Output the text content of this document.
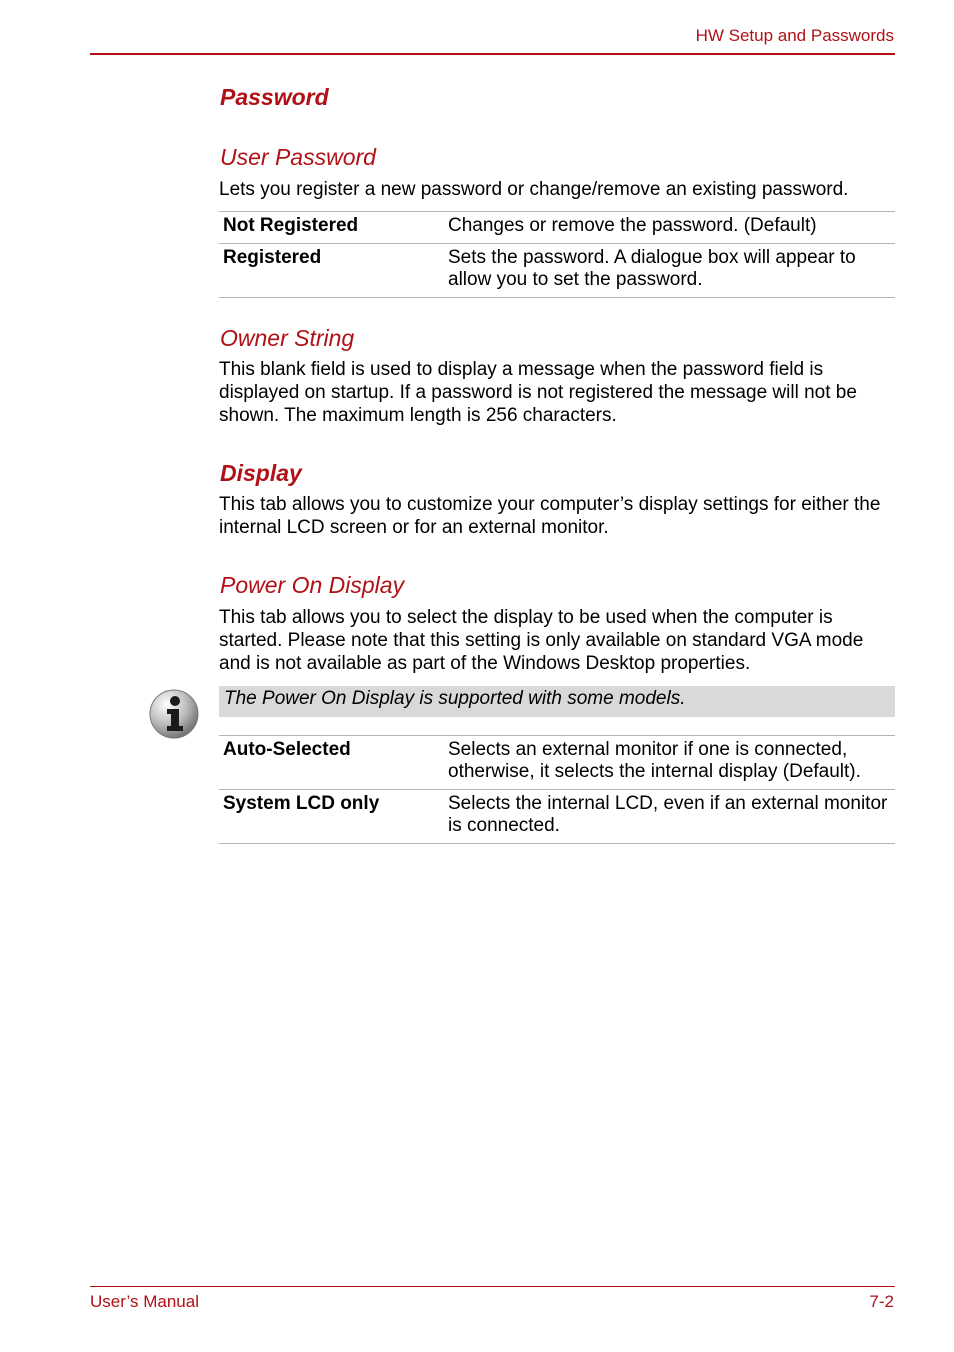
HW Setup and Passwords
Password
User Password
Lets you register a new password or change/remove an existing password.
Not Registered	Changes or remove the password. (Default)
Registered	Sets the password. A dialogue box will appear to allow you to set the password.
Owner String
This blank field is used to display a message when the password field is displayed on startup. If a password is not registered the message will not be shown. The maximum length is 256 characters.
Display
This tab allows you to customize your computer’s display settings for either the internal LCD screen or for an external monitor.
Power On Display
This tab allows you to select the display to be used when the computer is started. Please note that this setting is only available on standard VGA mode and is not available as part of the Windows Desktop properties.
The Power On Display is supported with some models.
Auto-Selected	Selects an external monitor if one is connected, otherwise, it selects the internal display (Default).
System LCD only	Selects the internal LCD, even if an external monitor is connected.
User’s Manual	7-2
